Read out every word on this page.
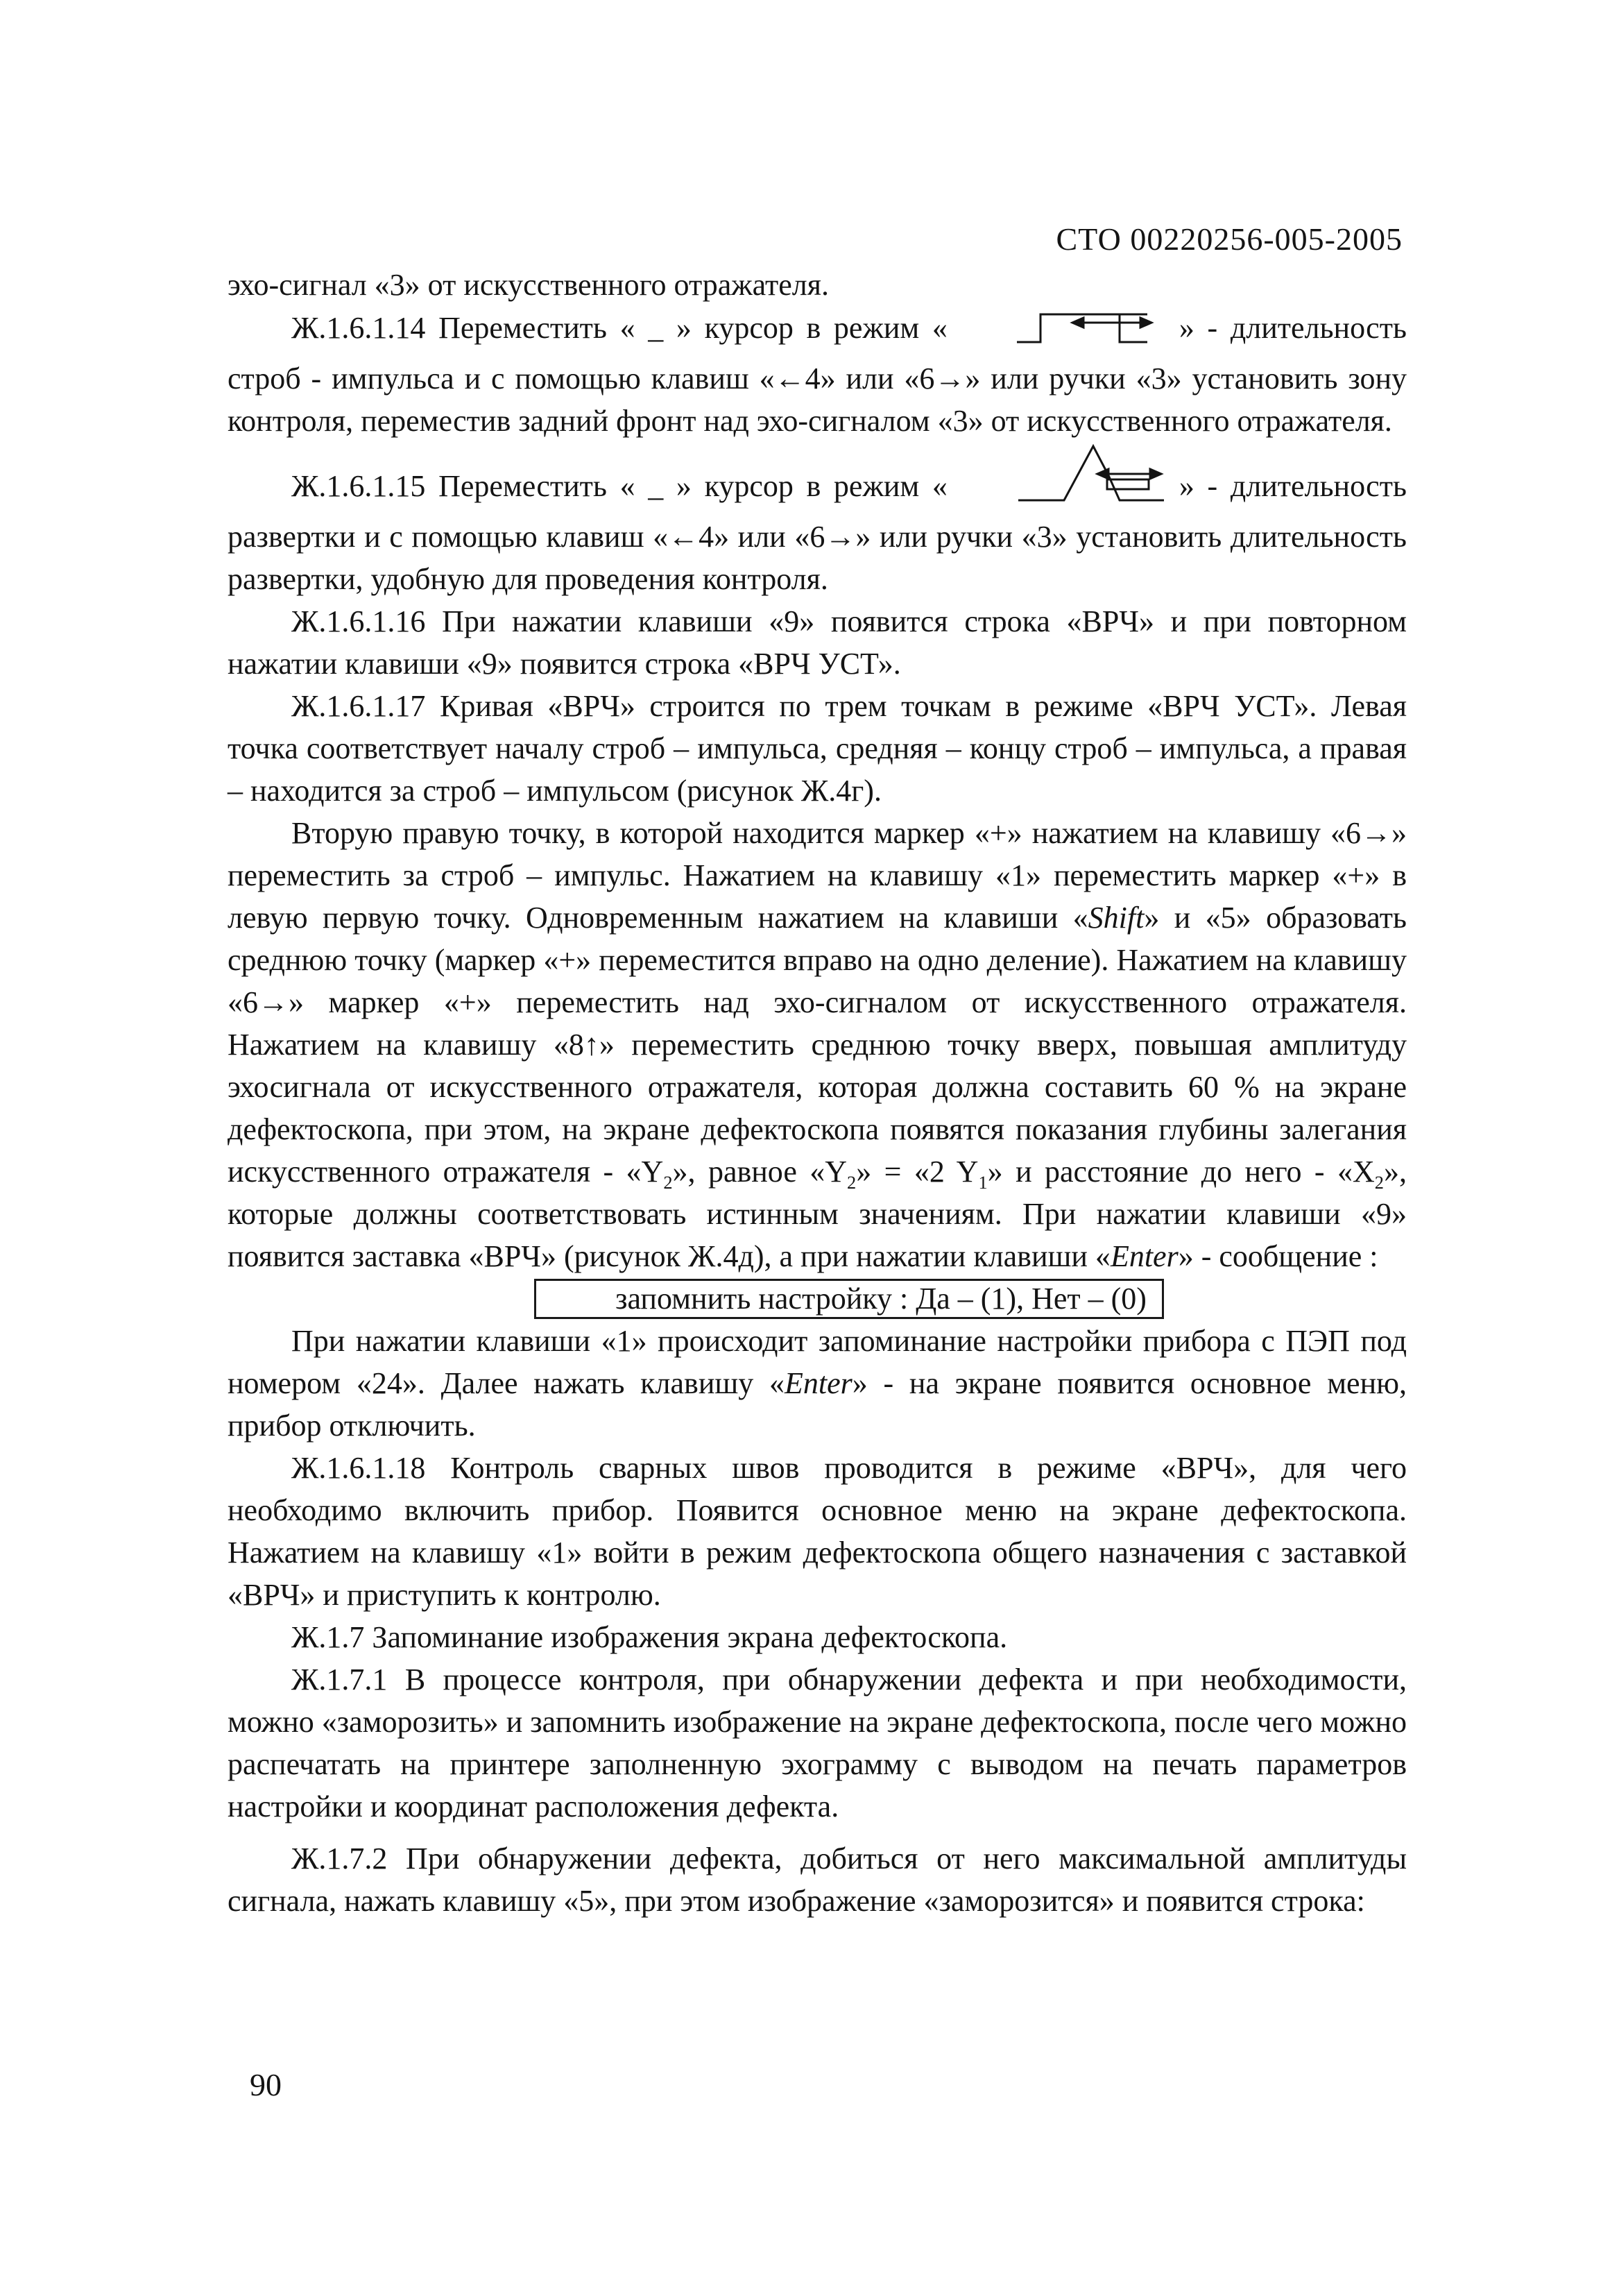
СТО 00220256-005-2005

эхо-сигнал «3» от искусственного отражателя.

Ж.1.6.1.14 Переместить « _ » курсор в режим «	» - длительность строб - импульса и с помощью клавиш «←4» или «6→» или ручки «3» установить зону контроля, переместив задний фронт над эхо-сигналом «3» от искусственного отражателя.

Ж.1.6.1.15 Переместить « _ » курсор в режим «	» - длительность развертки и с помощью клавиш «←4» или «6→» или ручки «3» установить длительность развертки, удобную для проведения контроля.

Ж.1.6.1.16 При нажатии клавиши «9» появится строка «ВРЧ» и при повторном нажатии клавиши «9» появится строка «ВРЧ УСТ».

Ж.1.6.1.17 Кривая «ВРЧ» строится по трем точкам в режиме «ВРЧ УСТ». Левая точка соответствует началу строб – импульса, средняя – концу строб – импульса, а правая – находится за строб – импульсом (рисунок Ж.4г).

Вторую правую точку, в которой находится маркер «+» нажатием на клавишу «6→» переместить за строб – импульс. Нажатием на клавишу «1» переместить маркер «+» в левую первую точку. Одновременным нажатием на клавиши «Shift» и «5» образовать среднюю точку (маркер «+» переместится вправо на одно деление). Нажатием на клавишу «6→» маркер «+» переместить над эхо-сигналом от искусственного отражателя. Нажатием на клавишу «8↑» переместить среднюю точку вверх, повышая амплитуду эхосигнала от искусственного отражателя, которая должна составить 60 % на экране дефектоскопа, при этом, на экране дефектоскопа появятся показания глубины залегания искусственного отражателя - «$Y_2$», равное «$Y_2$» = «2 $Y_1$» и расстояние до него - «$X_2$», которые должны соответствовать истинным значениям. При нажатии клавиши «9» появится заставка «ВРЧ» (рисунок Ж.4д), а при нажатии клавиши «Enter» - сообщение :

запомнить настройку : Да – (1), Нет – (0)

При нажатии клавиши «1» происходит запоминание настройки прибора с ПЭП под номером «24». Далее нажать клавишу «Enter» - на экране появится основное меню, прибор отключить.

Ж.1.6.1.18 Контроль сварных швов проводится в режиме «ВРЧ», для чего необходимо включить прибор. Появится основное меню на экране дефектоскопа. Нажатием на клавишу «1» войти в режим дефектоскопа общего назначения с заставкой «ВРЧ» и приступить к контролю.

Ж.1.7 Запоминание изображения экрана дефектоскопа.

Ж.1.7.1 В процессе контроля, при обнаружении дефекта и при необходимости, можно «заморозить» и запомнить изображение на экране дефектоскопа, после чего можно распечатать на принтере заполненную эхограмму с выводом на печать параметров настройки и координат расположения дефекта.

Ж.1.7.2 При обнаружении дефекта, добиться от него максимальной амплитуды сигнала, нажать клавишу «5», при этом изображение «заморозится» и появится строка:

90
